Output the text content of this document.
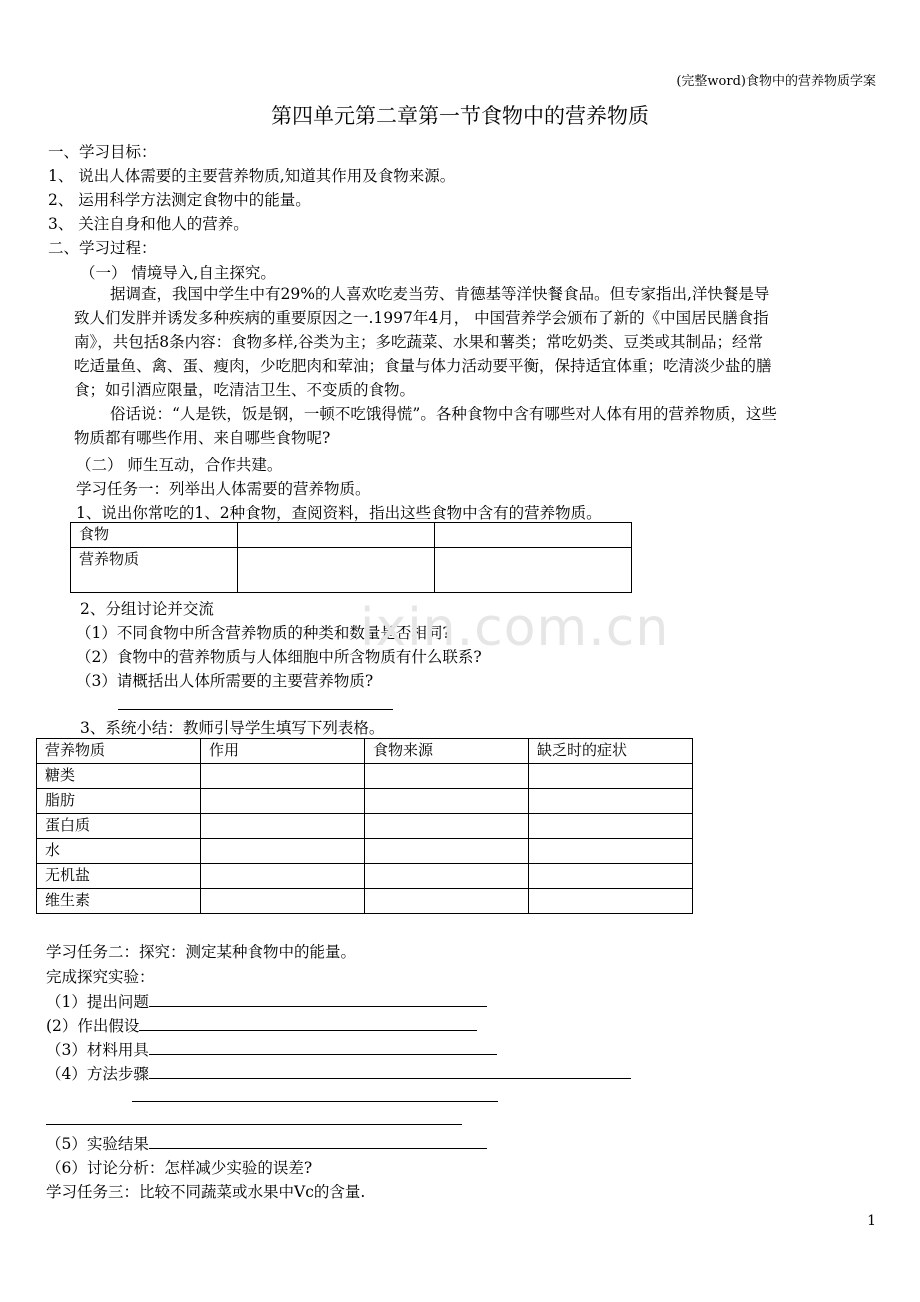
(完整word)食物中的营养物质学案
第四单元第二章第一节食物中的营养物质
一、学习目标：
1、 说出人体需要的主要营养物质,知道其作用及食物来源。
2、 运用科学方法测定食物中的能量。
3、 关注自身和他人的营养。
二、学习过程：
（一） 情境导入,自主探究。
据调查，我国中学生中有29%的人喜欢吃麦当劳、肯德基等洋快餐食品。但专家指出,洋快餐是导
致人们发胖并诱发多种疾病的重要原因之一.1997年4月， 中国营养学会颁布了新的《中国居民膳食指
南》，共包括8条内容：食物多样,谷类为主；多吃蔬菜、水果和薯类；常吃奶类、豆类或其制品；经常
吃适量鱼、禽、蛋、瘦肉，少吃肥肉和荤油；食量与体力活动要平衡，保持适宜体重；吃清淡少盐的膳
食；如引酒应限量，吃清洁卫生、不变质的食物。
俗话说：“人是铁，饭是钢，一顿不吃饿得慌”。各种食物中含有哪些对人体有用的营养物质，这些
物质都有哪些作用、来自哪些食物呢?
（二） 师生互动，合作共建。
学习任务一：列举出人体需要的营养物质。
1、说出你常吃的1、2种食物，查阅资料，指出这些食物中含有的营养物质。
食物		
营养物质		
2、分组讨论并交流
（1）不同食物中所含营养物质的种类和数量是否相同?
（2）食物中的营养物质与人体细胞中所含物质有什么联系?
（3）请概括出人体所需要的主要营养物质?
3、系统小结：教师引导学生填写下列表格。
营养物质	作用	食物来源	缺乏时的症状
糖类			
脂肪			
蛋白质			
水			
无机盐			
维生素			
ixin.com.cn
学习任务二：探究：测定某种食物中的能量。
完成探究实验：
（1）提出问题
(2）作出假设
（3）材料用具
（4）方法步骤
（5）实验结果
（6）讨论分析：怎样减少实验的误差?
学习任务三：比较不同蔬菜或水果中Vc的含量.
1
